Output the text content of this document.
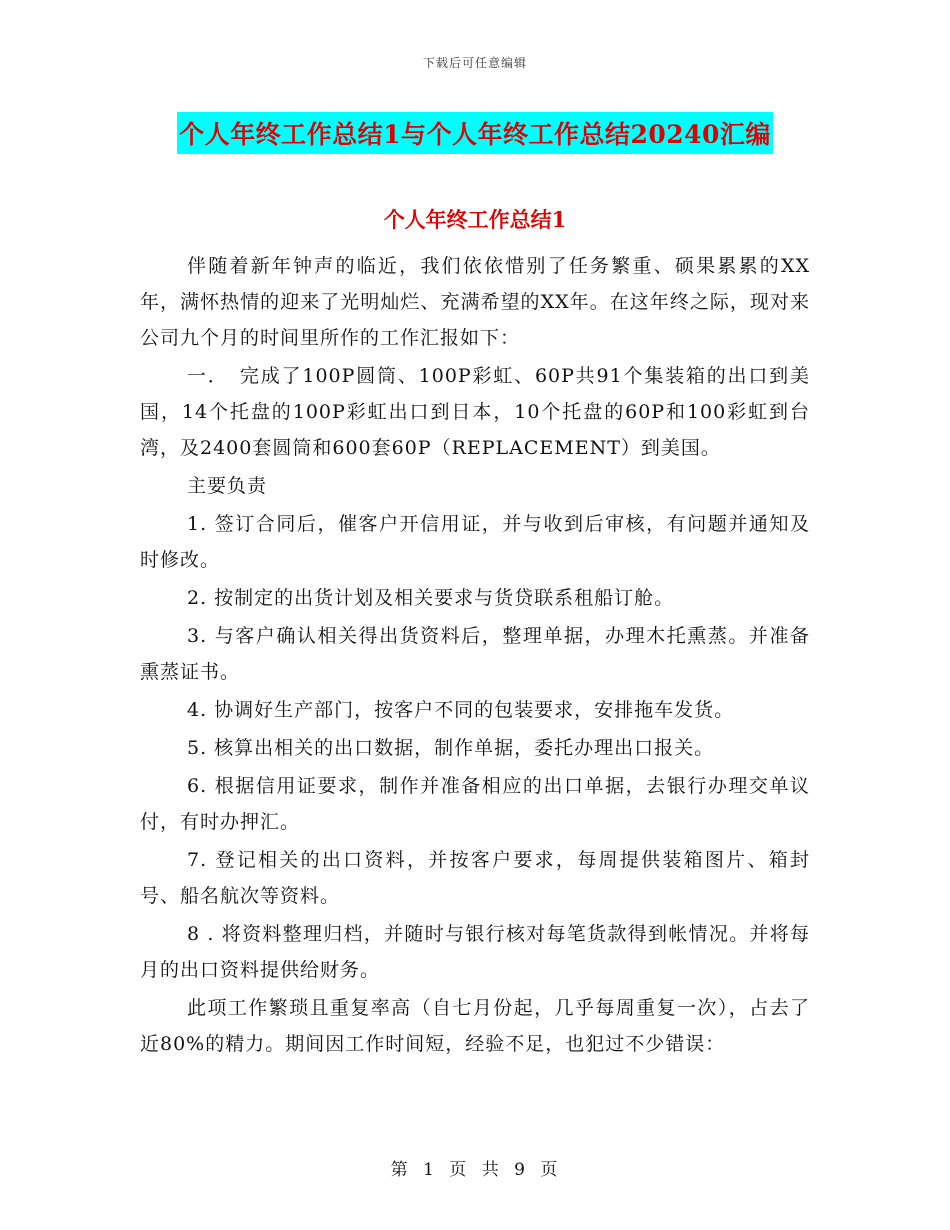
下载后可任意编辑
个人年终工作总结1与个人年终工作总结20240汇编
个人年终工作总结1

伴随着新年钟声的临近，我们依依惜别了任务繁重、硕果累累的XX年，满怀热情的迎来了光明灿烂、充满希望的XX年。在这年终之际，现对来公司九个月的时间里所作的工作汇报如下：

一．　完成了100P圆筒、100P彩虹、60P共91个集装箱的出口到美国，14个托盘的100P彩虹出口到日本，10个托盘的60P和100彩虹到台湾，及2400套圆筒和600套60P（REPLACEMENT）到美国。

主要负责

1. 签订合同后，催客户开信用证，并与收到后审核，有问题并通知及时修改。

2. 按制定的出货计划及相关要求与货贷联系租船订舱。

3. 与客户确认相关得出货资料后，整理单据，办理木托熏蒸。并准备熏蒸证书。

4. 协调好生产部门，按客户不同的包装要求，安排拖车发货。

5. 核算出相关的出口数据，制作单据，委托办理出口报关。

6. 根据信用证要求，制作并准备相应的出口单据，去银行办理交单议付，有时办押汇。

7. 登记相关的出口资料，并按客户要求，每周提供装箱图片、箱封号、船名航次等资料。

8 . 将资料整理归档，并随时与银行核对每笔货款得到帐情况。并将每月的出口资料提供给财务。

此项工作繁琐且重复率高（自七月份起，几乎每周重复一次），占去了近80%的精力。期间因工作时间短，经验不足，也犯过不少错误：

第 1 页 共 9 页
